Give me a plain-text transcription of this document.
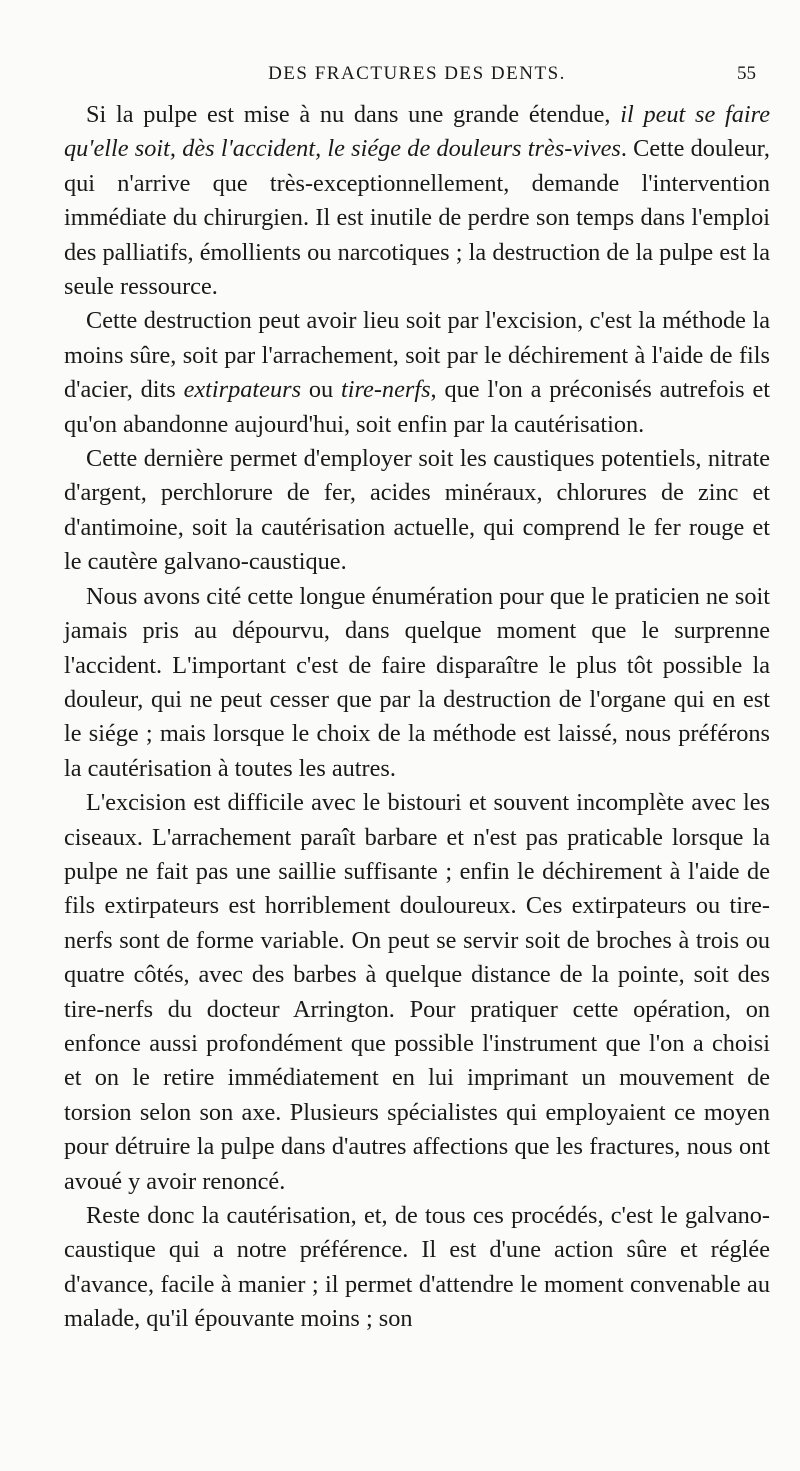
DES FRACTURES DES DENTS.	55

Si la pulpe est mise à nu dans une grande étendue, il peut se faire qu'elle soit, dès l'accident, le siége de douleurs très-vives. Cette douleur, qui n'arrive que très-exceptionnellement, demande l'intervention immédiate du chirurgien. Il est inutile de perdre son temps dans l'emploi des palliatifs, émollients ou narcotiques ; la destruction de la pulpe est la seule ressource.

Cette destruction peut avoir lieu soit par l'excision, c'est la méthode la moins sûre, soit par l'arrachement, soit par le déchirement à l'aide de fils d'acier, dits extirpateurs ou tire-nerfs, que l'on a préconisés autrefois et qu'on abandonne aujourd'hui, soit enfin par la cautérisation.

Cette dernière permet d'employer soit les caustiques potentiels, nitrate d'argent, perchlorure de fer, acides minéraux, chlorures de zinc et d'antimoine, soit la cautérisation actuelle, qui comprend le fer rouge et le cautère galvano-caustique.

Nous avons cité cette longue énumération pour que le praticien ne soit jamais pris au dépourvu, dans quelque moment que le surprenne l'accident. L'important c'est de faire disparaître le plus tôt possible la douleur, qui ne peut cesser que par la destruction de l'organe qui en est le siége ; mais lorsque le choix de la méthode est laissé, nous préférons la cautérisation à toutes les autres.

L'excision est difficile avec le bistouri et souvent incomplète avec les ciseaux. L'arrachement paraît barbare et n'est pas praticable lorsque la pulpe ne fait pas une saillie suffisante ; enfin le déchirement à l'aide de fils extirpateurs est horriblement douloureux. Ces extirpateurs ou tire-nerfs sont de forme variable. On peut se servir soit de broches à trois ou quatre côtés, avec des barbes à quelque distance de la pointe, soit des tire-nerfs du docteur Arrington. Pour pratiquer cette opération, on enfonce aussi profondément que possible l'instrument que l'on a choisi et on le retire immédiatement en lui imprimant un mouvement de torsion selon son axe. Plusieurs spécialistes qui employaient ce moyen pour détruire la pulpe dans d'autres affections que les fractures, nous ont avoué y avoir renoncé.

Reste donc la cautérisation, et, de tous ces procédés, c'est le galvano-caustique qui a notre préférence. Il est d'une action sûre et réglée d'avance, facile à manier ; il permet d'attendre le moment convenable au malade, qu'il épouvante moins ; son
